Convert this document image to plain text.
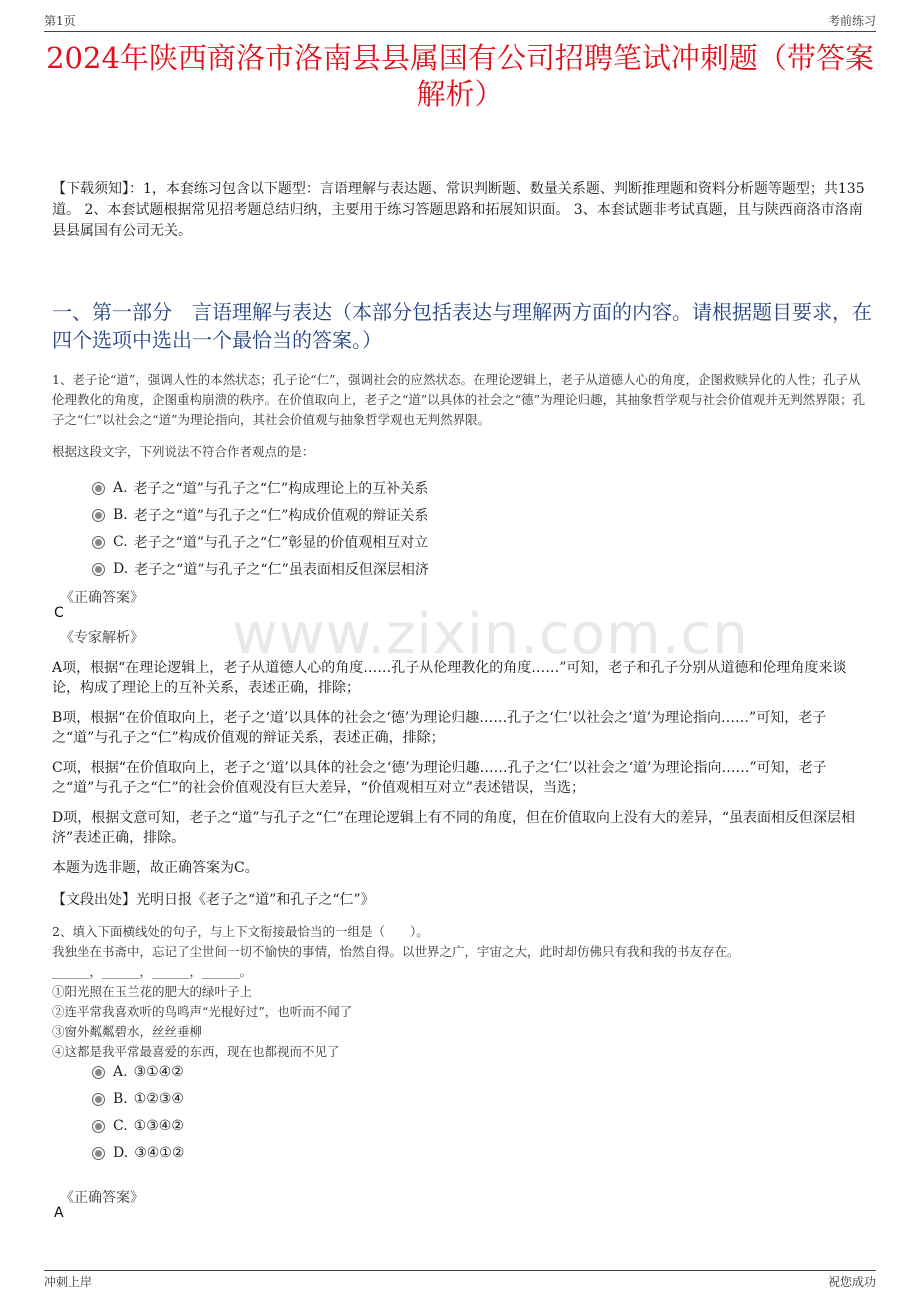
第1页	考前练习
2024年陕西商洛市洛南县县属国有公司招聘笔试冲刺题（带答案解析）
【下载须知】：1，本套练习包含以下题型：言语理解与表达题、常识判断题、数量关系题、判断推理题和资料分析题等题型；共135道。 2、本套试题根据常见招考题总结归纳，主要用于练习答题思路和拓展知识面。 3、本套试题非考试真题，且与陕西商洛市洛南县县属国有公司无关。
一、第一部分　言语理解与表达（本部分包括表达与理解两方面的内容。请根据题目要求，在四个选项中选出一个最恰当的答案。）
1、老子论“道”，强调人性的本然状态；孔子论“仁”，强调社会的应然状态。在理论逻辑上，老子从道德人心的角度，企图救赎异化的人性；孔子从伦理教化的角度，企图重构崩溃的秩序。在价值取向上，老子之“道”以具体的社会之“德”为理论归趣，其抽象哲学观与社会价值观并无判然界限；孔子之“仁”以社会之“道”为理论指向，其社会价值观与抽象哲学观也无判然界限。
根据这段文字，下列说法不符合作者观点的是：
A. 老子之“道”与孔子之“仁”构成理论上的互补关系
B. 老子之“道”与孔子之“仁”构成价值观的辩证关系
C. 老子之“道”与孔子之“仁”彰显的价值观相互对立
D. 老子之“道”与孔子之“仁”虽表面相反但深层相济
《正确答案》
C
《专家解析》 www.zixin.com.cn
A项，根据“在理论逻辑上，老子从道德人心的角度……孔子从伦理教化的角度……”可知，老子和孔子分别从道德和伦理角度来谈论，构成了理论上的互补关系，表述正确，排除；
B项，根据“在价值取向上，老子之‘道’以具体的社会之‘德’为理论归趣……孔子之‘仁’以社会之‘道’为理论指向……”可知，老子之“道”与孔子之“仁”构成价值观的辩证关系，表述正确，排除；
C项，根据“在价值取向上，老子之‘道’以具体的社会之‘德’为理论归趣……孔子之‘仁’以社会之‘道’为理论指向……”可知，老子之“道”与孔子之“仁”的社会价值观没有巨大差异，“价值观相互对立”表述错误，当选；
D项，根据文意可知，老子之“道”与孔子之“仁”在理论逻辑上有不同的角度，但在价值取向上没有大的差异，“虽表面相反但深层相济”表述正确，排除。
本题为选非题，故正确答案为C。
【文段出处】光明日报《老子之“道”和孔子之“仁”》
2、填入下面横线处的句子，与上下文衔接最恰当的一组是（　　）。
我独坐在书斋中，忘记了尘世间一切不愉快的事情，怡然自得。以世界之广，宇宙之大，此时却仿佛只有我和我的书友存在。
______，______，______，______。
①阳光照在玉兰花的肥大的绿叶子上
②连平常我喜欢听的鸟鸣声“光棍好过”，也听而不闻了
③窗外粼粼碧水，丝丝垂柳
④这都是我平常最喜爱的东西，现在也都视而不见了
A. ③①④②
B. ①②③④
C. ①③④②
D. ③④①②
《正确答案》
A
冲刺上岸	祝您成功
